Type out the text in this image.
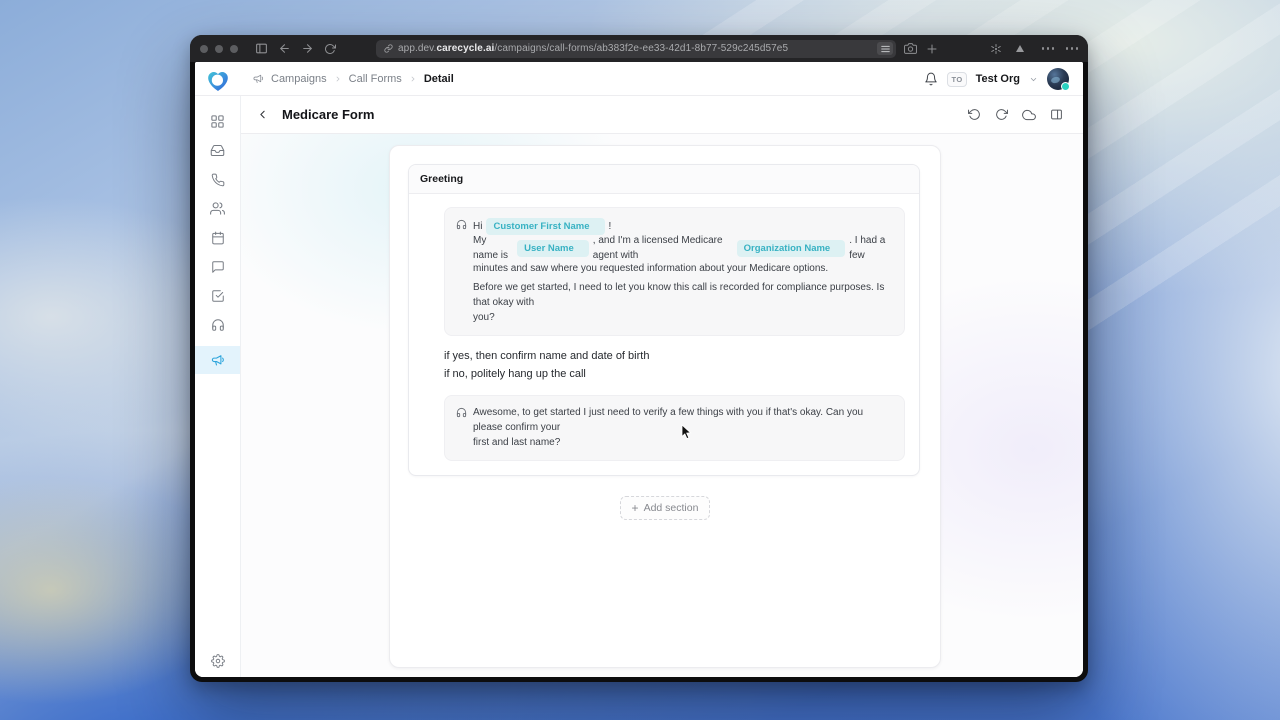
app.dev.carecycle.ai/campaigns/call-forms/ab383f2e-ee33-42d1-8b77-529c245d57e5
Campaigns Call Forms Detail	TO	Test Org
Medicare Form
Greeting
Hi	Customer First Name	!
My name is
User Name
, and I'm a licensed Medicare agent with
Organization Name
. I had a few
minutes and saw where you requested information about your Medicare options.
Before we get started, I need to let you know this call is recorded for compliance purposes. Is that okay with
you?
if yes, then confirm name and date of birth
if no, politely hang up the call
Awesome, to get started I just need to verify a few things with you if that's okay. Can you please confirm your
first and last name?
+ Add section
